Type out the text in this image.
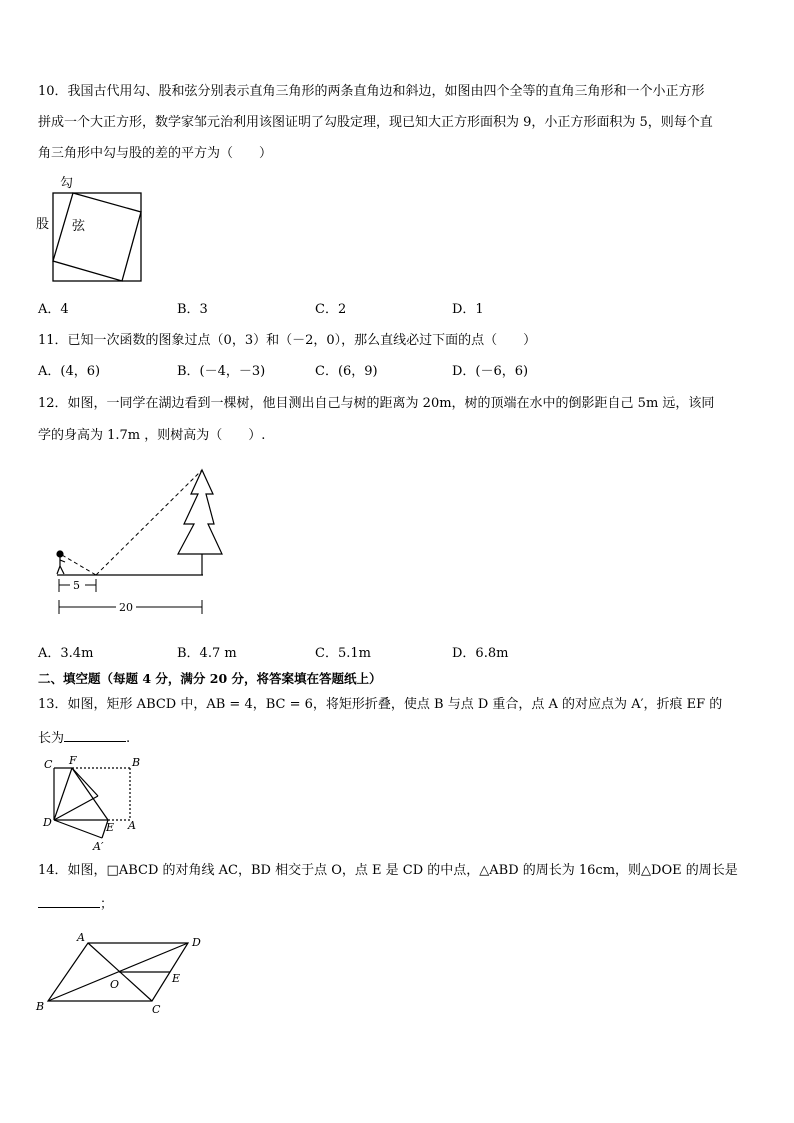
10．我国古代用勾、股和弦分别表示直角三角形的两条直角边和斜边，如图由四个全等的直角三角形和一个小正方形
拼成一个大正方形，数学家邹元治利用该图证明了勾股定理，现已知大正方形面积为 9，小正方形面积为 5，则每个直
角三角形中勾与股的差的平方为（　　）
勾
股 弦
A．4	B．3	C．2	D．1
11．已知一次函数的图象过点（0，3）和（－2，0），那么直线必过下面的点（　　）
A．(4，6)	B．(－4，－3)	C．(6，9)	D．(－6，6)
12．如图，一同学在湖边看到一棵树，他目测出自己与树的距离为 20m，树的顶端在水中的倒影距自己 5m 远，该同
学的身高为 1.7m ，则树高为（　　）.
5
20
A．3.4m	B．4.7 m	C．5.1m	D．6.8m
二、填空题（每题 4 分，满分 20 分，将答案填在答题纸上）
13．如图，矩形 ABCD 中，AB = 4，BC = 6，将矩形折叠，使点 B 与点 D 重合，点 A 的对应点为 A′，折痕 EF 的
长为	.
C F	B
D	E A
A′
14．如图，□ABCD 的对角线 AC，BD 相交于点 O，点 E 是 CD 的中点，△ABD 的周长为 16cm，则△DOE 的周长是
；
A	D
O	E
B	C
